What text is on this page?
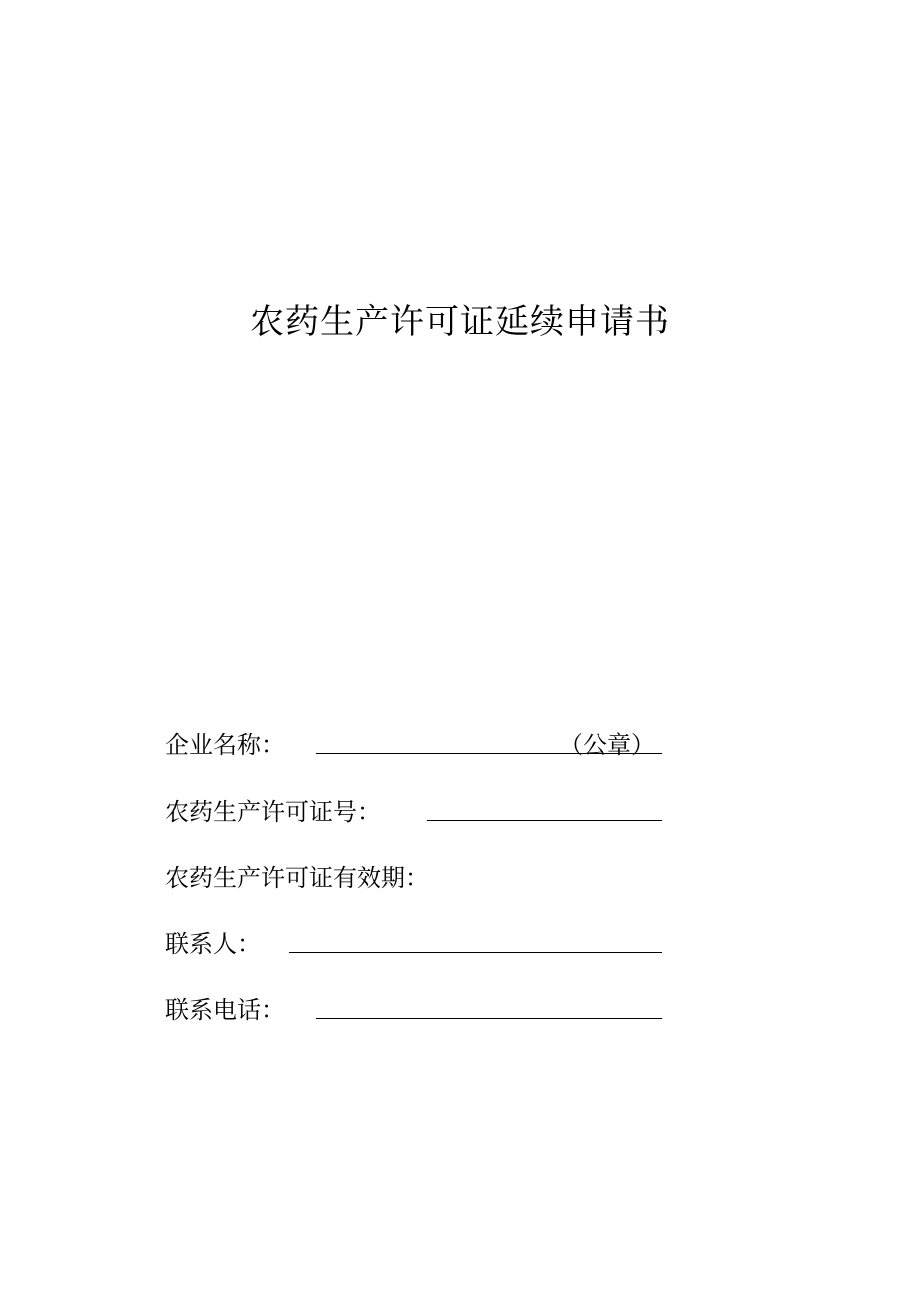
农药生产许可证延续申请书
企业名称：	（公章）
农药生产许可证号：
农药生产许可证有效期：
联系人：
联系电话：
